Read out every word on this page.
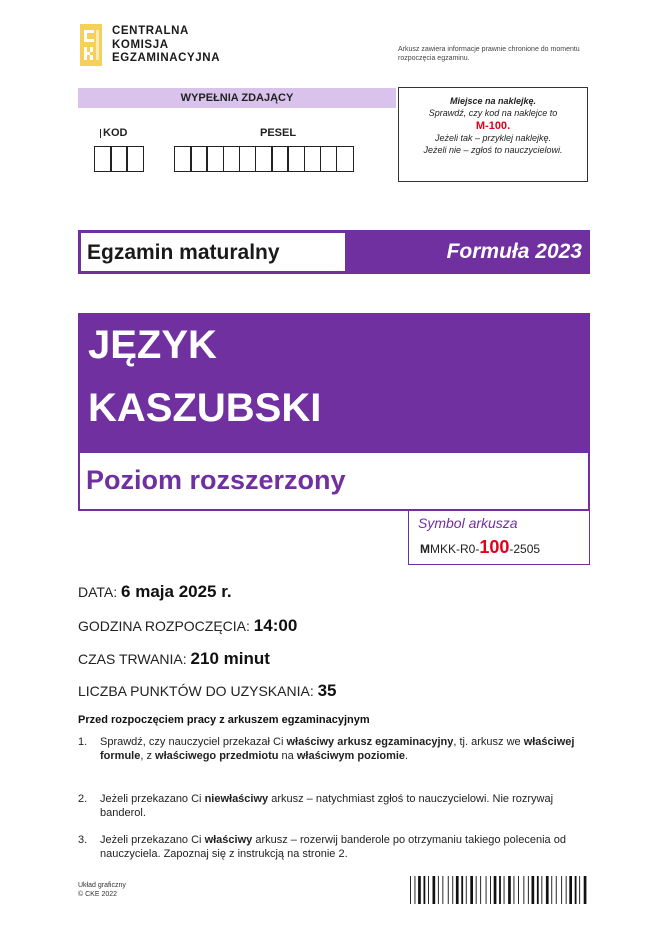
CENTRALNA
KOMISJA
EGZAMINACYJNA
Arkusz zawiera informacje prawnie chronione do momentu rozpoczęcia egzaminu.
WYPEŁNIA ZDAJĄCY
KOD	PESEL
Miejsce na naklejkę.
Sprawdź, czy kod na naklejce to
M-100.
Jeżeli tak – przyklej naklejkę.
Jeżeli nie – zgłoś to nauczycielowi.
Egzamin maturalny	Formuła 2023
JĘZYK
KASZUBSKI
Poziom rozszerzony
Symbol arkusza
MMKK-R0-100-2505
DATA: 6 maja 2025 r.
GODZINA ROZPOCZĘCIA: 14:00
CZAS TRWANIA: 210 minut
LICZBA PUNKTÓW DO UZYSKANIA: 35
Przed rozpoczęciem pracy z arkuszem egzaminacyjnym
1.	Sprawdź, czy nauczyciel przekazał Ci właściwy arkusz egzaminacyjny, tj. arkusz we właściwej formule, z właściwego przedmiotu na właściwym poziomie.
2.	Jeżeli przekazano Ci niewłaściwy arkusz – natychmiast zgłoś to nauczycielowi. Nie rozrywaj banderol.
3.	Jeżeli przekazano Ci właściwy arkusz – rozerwij banderole po otrzymaniu takiego polecenia od nauczyciela. Zapoznaj się z instrukcją na stronie 2.
Układ graficzny
© CKE 2022
